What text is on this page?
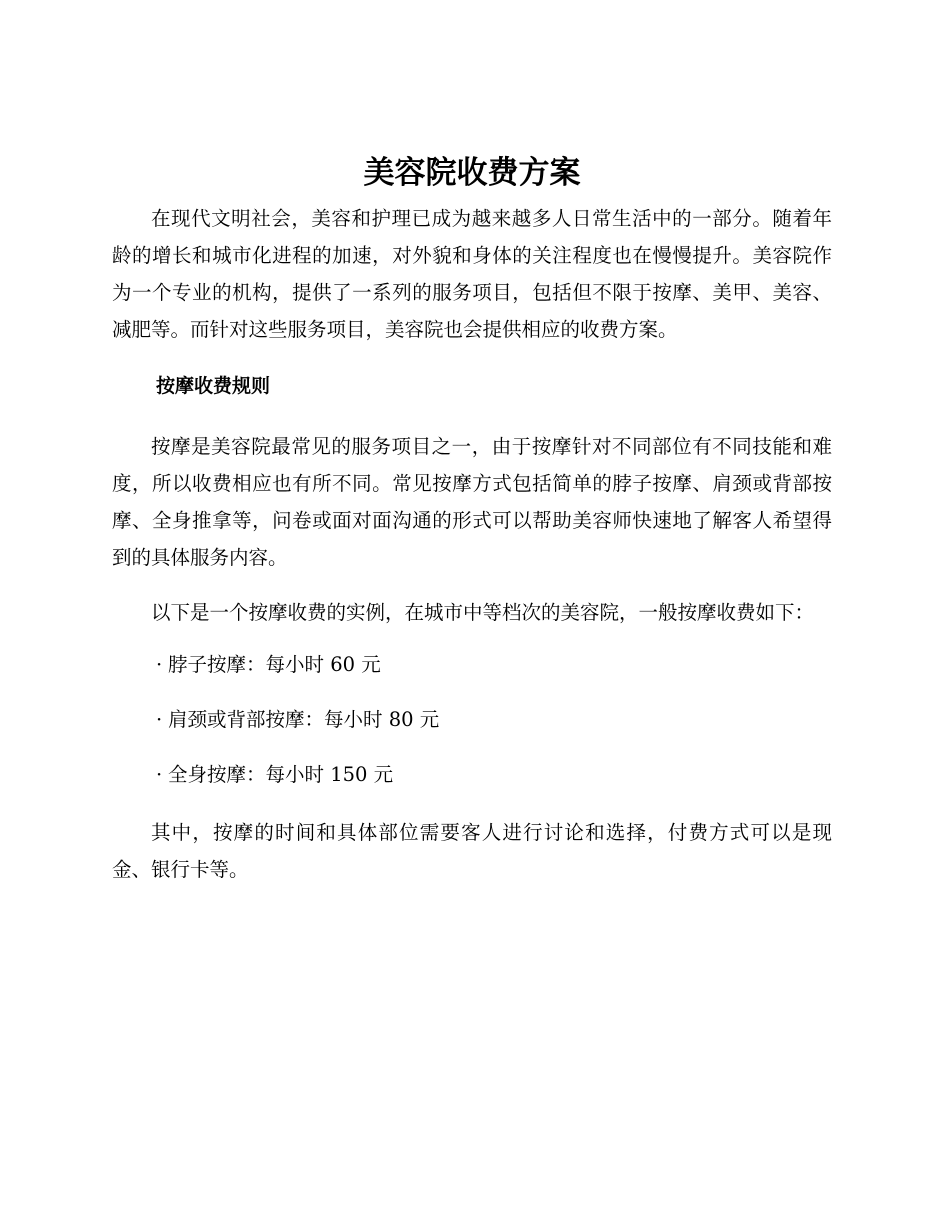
美容院收费方案

在现代文明社会，美容和护理已成为越来越多人日常生活中的一部分。随着年龄的增长和城市化进程的加速，对外貌和身体的关注程度也在慢慢提升。美容院作为一个专业的机构，提供了一系列的服务项目，包括但不限于按摩、美甲、美容、减肥等。而针对这些服务项目，美容院也会提供相应的收费方案。

按摩收费规则

按摩是美容院最常见的服务项目之一，由于按摩针对不同部位有不同技能和难度，所以收费相应也有所不同。常见按摩方式包括简单的脖子按摩、肩颈或背部按摩、全身推拿等，问卷或面对面沟通的形式可以帮助美容师快速地了解客人希望得到的具体服务内容。

以下是一个按摩收费的实例，在城市中等档次的美容院，一般按摩收费如下：

· 脖子按摩：每小时 60 元
· 肩颈或背部按摩：每小时 80 元
· 全身按摩：每小时 150 元

其中，按摩的时间和具体部位需要客人进行讨论和选择，付费方式可以是现金、银行卡等。
